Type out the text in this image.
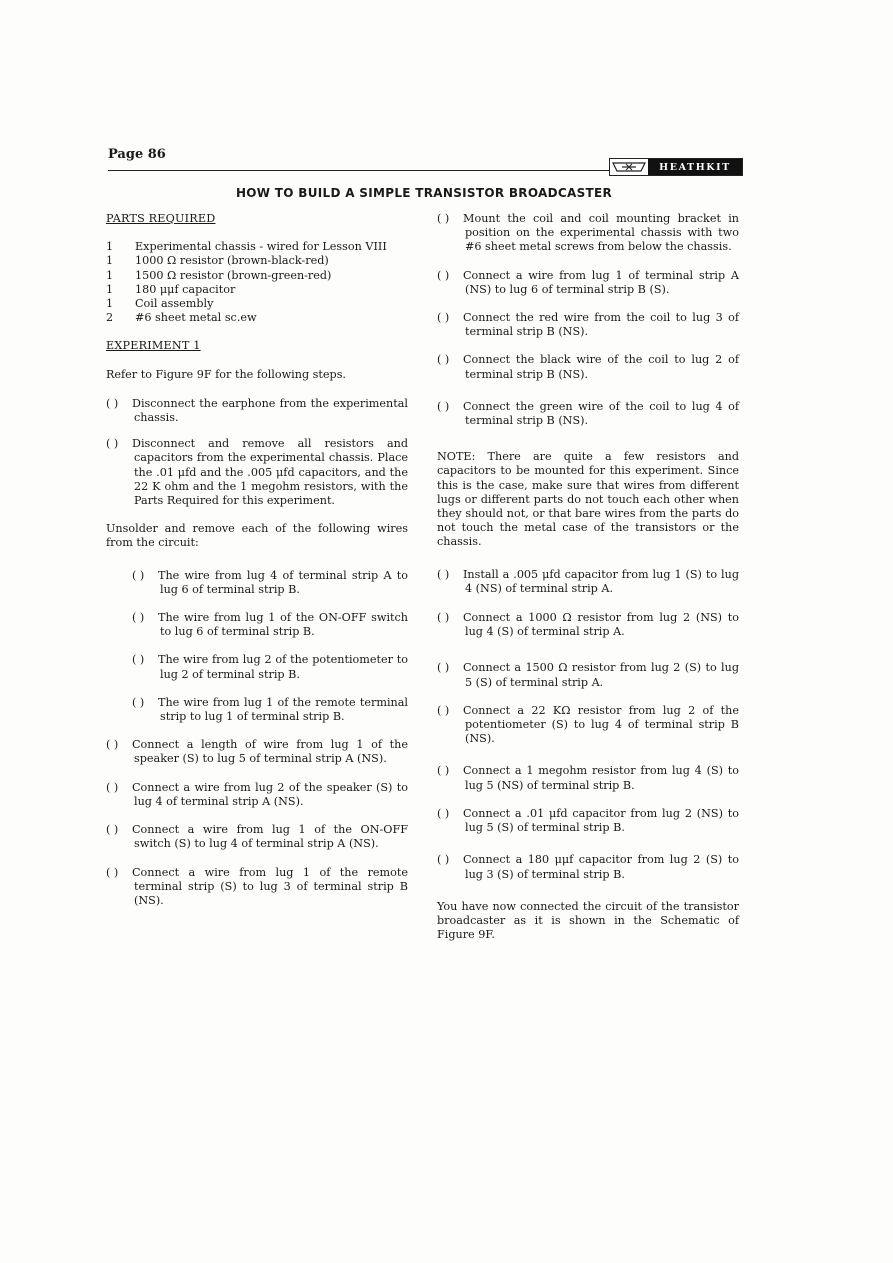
Page 86
HEATHKIT
HOW TO BUILD A SIMPLE TRANSISTOR BROADCASTER

PARTS REQUIRED

1	Experimental chassis - wired for Lesson VIII
1	1000 Ω resistor (brown-black-red)
1	1500 Ω resistor (brown-green-red)
1	180 μμf capacitor
1	Coil assembly
2	#6 sheet metal sc.ew

EXPERIMENT 1

Refer to Figure 9F for the following steps.

( ) Disconnect the earphone from the experimental chassis.

( ) Disconnect and remove all resistors and capacitors from the experimental chassis. Place the .01 μfd and the .005 μfd capacitors, and the 22 K ohm and the 1 megohm resistors, with the Parts Required for this experiment.

Unsolder and remove each of the following wires from the circuit:

( ) The wire from lug 4 of terminal strip A to lug 6 of terminal strip B.

( ) The wire from lug 1 of the ON-OFF switch to lug 6 of terminal strip B.

( ) The wire from lug 2 of the potentiometer to lug 2 of terminal strip B.

( ) The wire from lug 1 of the remote terminal strip to lug 1 of terminal strip B.

( ) Connect a length of wire from lug 1 of the speaker (S) to lug 5 of terminal strip A (NS).

( ) Connect a wire from lug 2 of the speaker (S) to lug 4 of terminal strip A (NS).

( ) Connect a wire from lug 1 of the ON-OFF switch (S) to lug 4 of terminal strip A (NS).

( ) Connect a wire from lug 1 of the remote terminal strip (S) to lug 3 of terminal strip B (NS).

( ) Mount the coil and coil mounting bracket in position on the experimental chassis with two #6 sheet metal screws from below the chassis.

( ) Connect a wire from lug 1 of terminal strip A (NS) to lug 6 of terminal strip B (S).

( ) Connect the red wire from the coil to lug 3 of terminal strip B (NS).

( ) Connect the black wire of the coil to lug 2 of terminal strip B (NS).

( ) Connect the green wire of the coil to lug 4 of terminal strip B (NS).

NOTE: There are quite a few resistors and capacitors to be mounted for this experiment. Since this is the case, make sure that wires from different lugs or different parts do not touch each other when they should not, or that bare wires from the parts do not touch the metal case of the transistors or the chassis.

( ) Install a .005 μfd capacitor from lug 1 (S) to lug 4 (NS) of terminal strip A.

( ) Connect a 1000 Ω resistor from lug 2 (NS) to lug 4 (S) of terminal strip A.

( ) Connect a 1500 Ω resistor from lug 2 (S) to lug 5 (S) of terminal strip A.

( ) Connect a 22 KΩ resistor from lug 2 of the potentiometer (S) to lug 4 of terminal strip B (NS).

( ) Connect a 1 megohm resistor from lug 4 (S) to lug 5 (NS) of terminal strip B.

( ) Connect a .01 μfd capacitor from lug 2 (NS) to lug 5 (S) of terminal strip B.

( ) Connect a 180 μμf capacitor from lug 2 (S) to lug 3 (S) of terminal strip B.

You have now connected the circuit of the transistor broadcaster as it is shown in the Schematic of Figure 9F.
